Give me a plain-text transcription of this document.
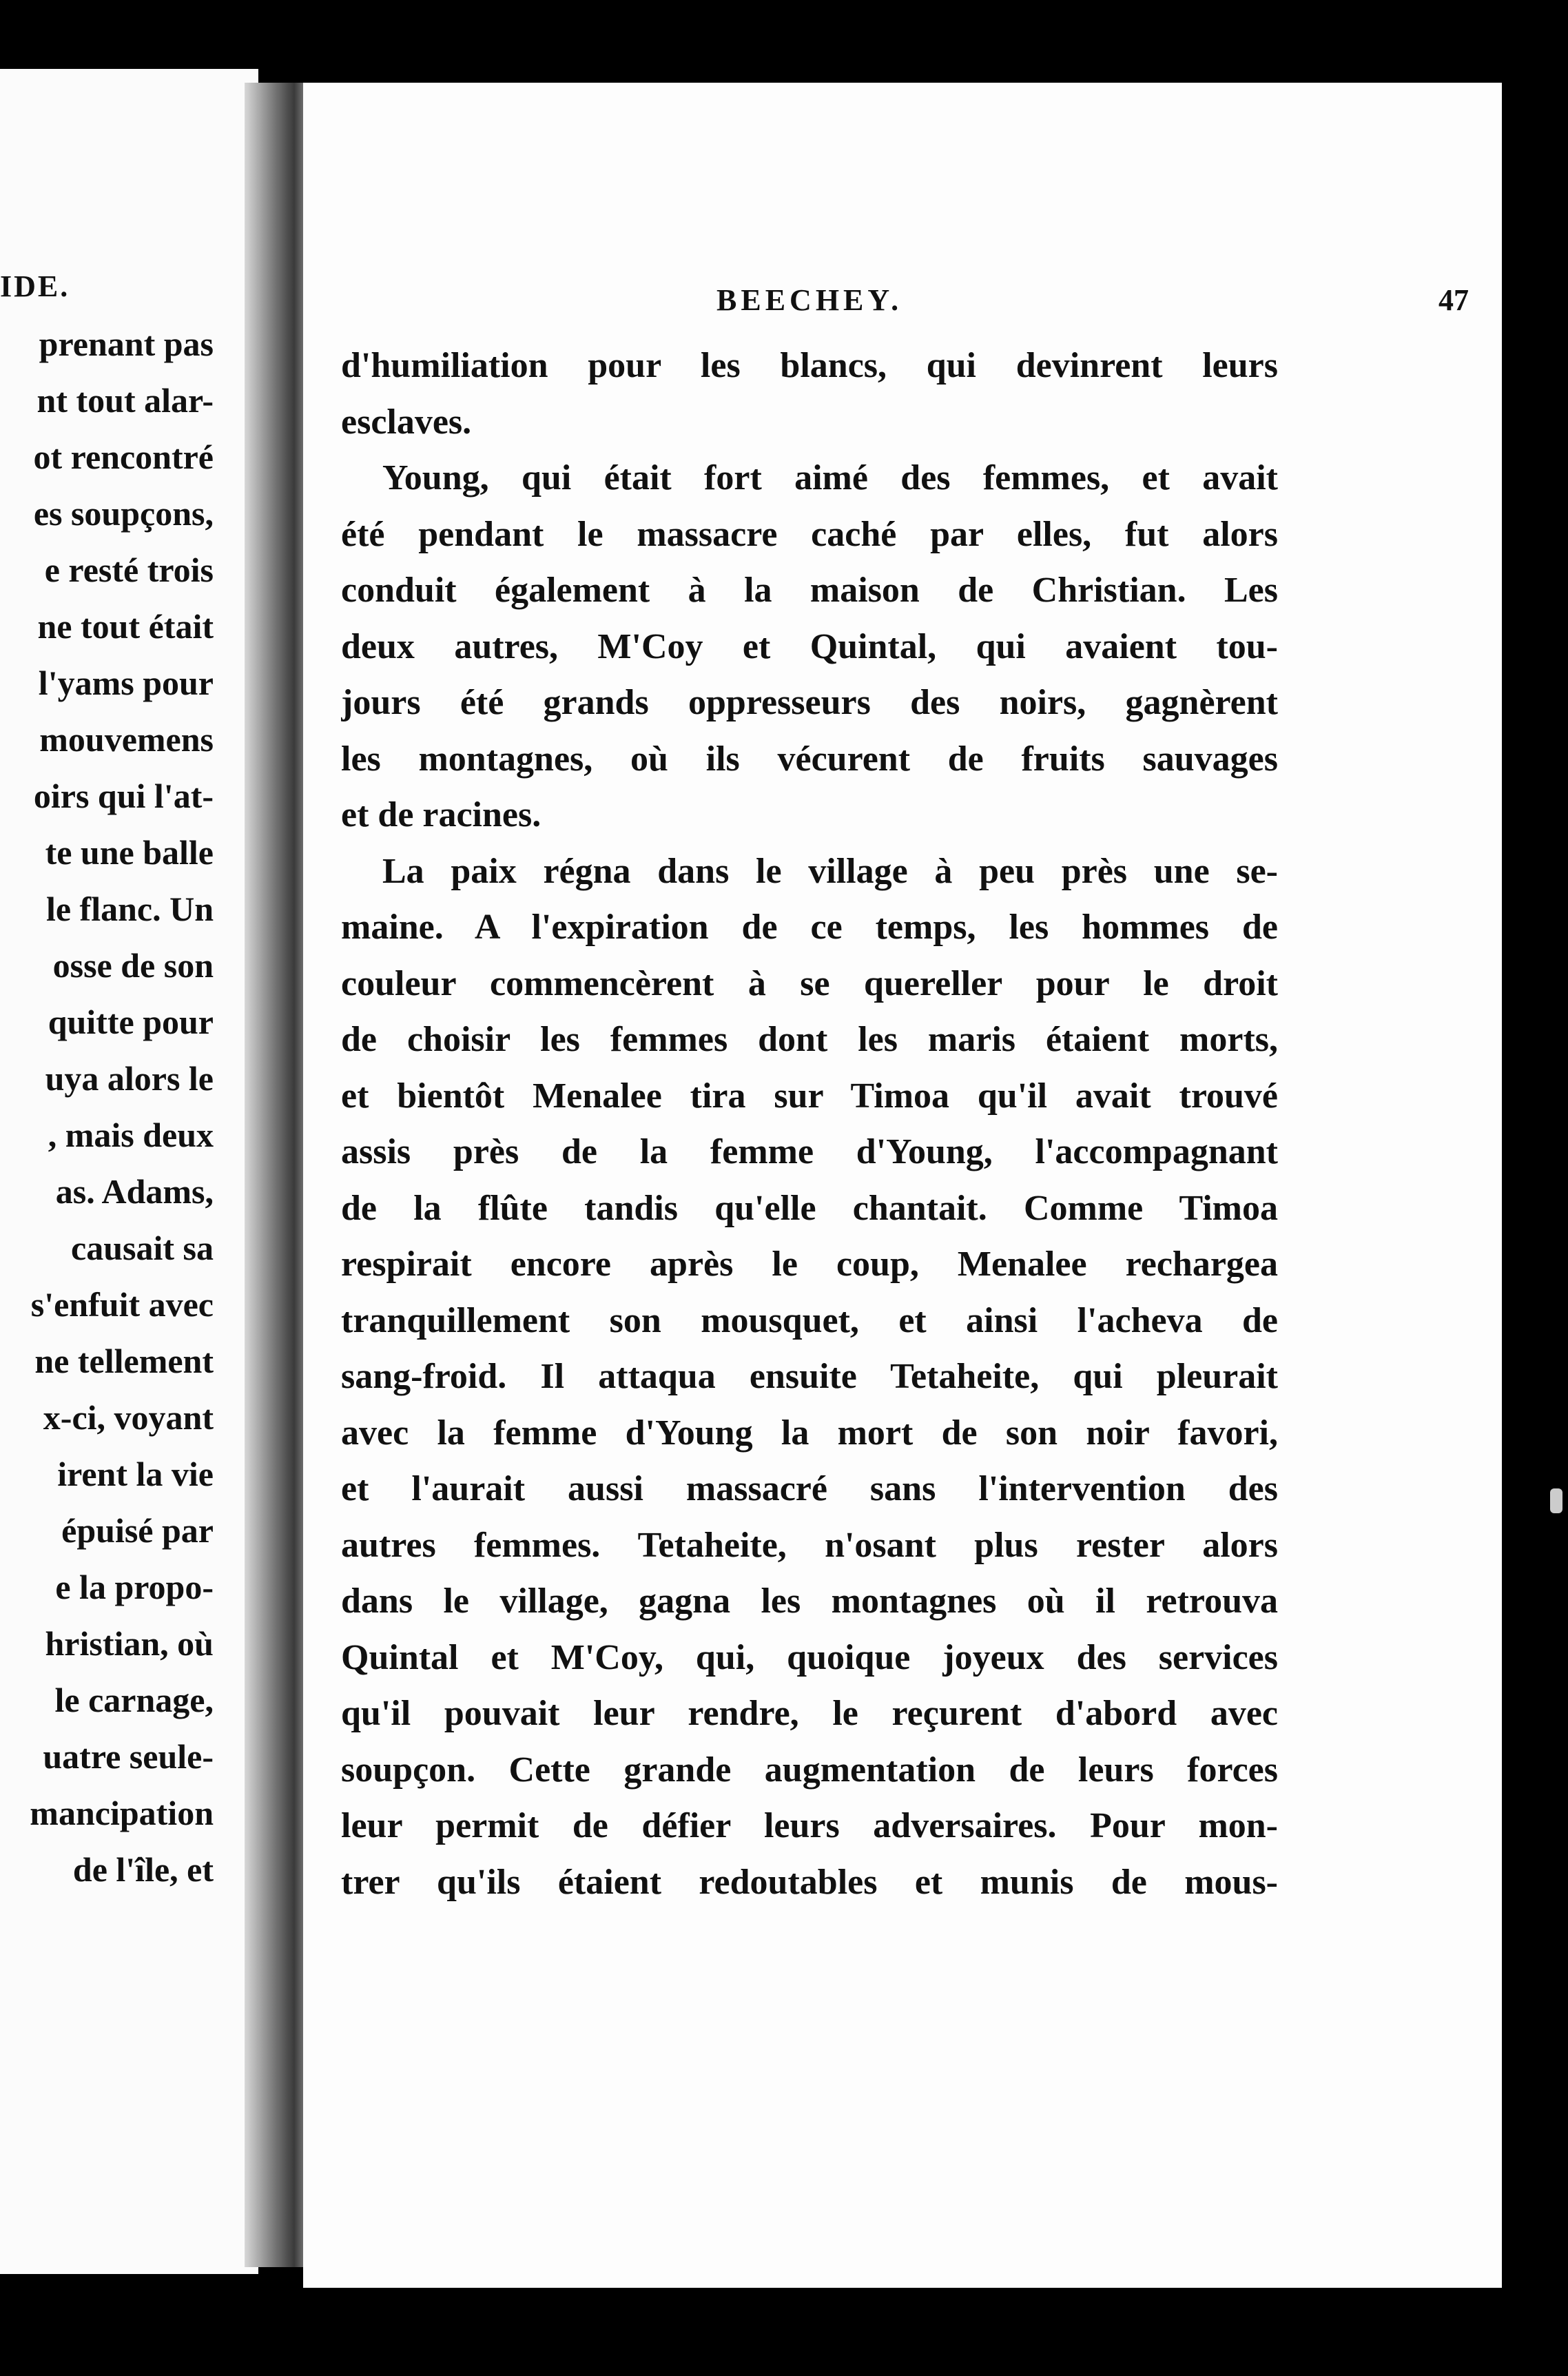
IDE.
prenant pas
nt tout alar-
ot rencontré
es soupçons,
e resté trois
ne tout était
l'yams pour
mouvemens
oirs qui l'at-
te une balle
le flanc. Un
osse de son
quitte pour
uya alors le
, mais deux
as. Adams,
causait sa
s'enfuit avec
ne tellement
x-ci, voyant
irent la vie
épuisé par
e la propo-
hristian, où
le carnage,
uatre seule-
mancipation
de l'île, et
BEECHEY.	47
d'humiliation pour les blancs, qui devinrent leurs
esclaves.
Young, qui était fort aimé des femmes, et avait
été pendant le massacre caché par elles, fut alors
conduit également à la maison de Christian. Les
deux autres, M'Coy et Quintal, qui avaient tou-
jours été grands oppresseurs des noirs, gagnèrent
les montagnes, où ils vécurent de fruits sauvages
et de racines.
La paix régna dans le village à peu près une se-
maine. A l'expiration de ce temps, les hommes de
couleur commencèrent à se quereller pour le droit
de choisir les femmes dont les maris étaient morts,
et bientôt Menalee tira sur Timoa qu'il avait trouvé
assis près de la femme d'Young, l'accompagnant
de la flûte tandis qu'elle chantait. Comme Timoa
respirait encore après le coup, Menalee rechargea
tranquillement son mousquet, et ainsi l'acheva de
sang-froid. Il attaqua ensuite Tetaheite, qui pleurait
avec la femme d'Young la mort de son noir favori,
et l'aurait aussi massacré sans l'intervention des
autres femmes. Tetaheite, n'osant plus rester alors
dans le village, gagna les montagnes où il retrouva
Quintal et M'Coy, qui, quoique joyeux des services
qu'il pouvait leur rendre, le reçurent d'abord avec
soupçon. Cette grande augmentation de leurs forces
leur permit de défier leurs adversaires. Pour mon-
trer qu'ils étaient redoutables et munis de mous-
